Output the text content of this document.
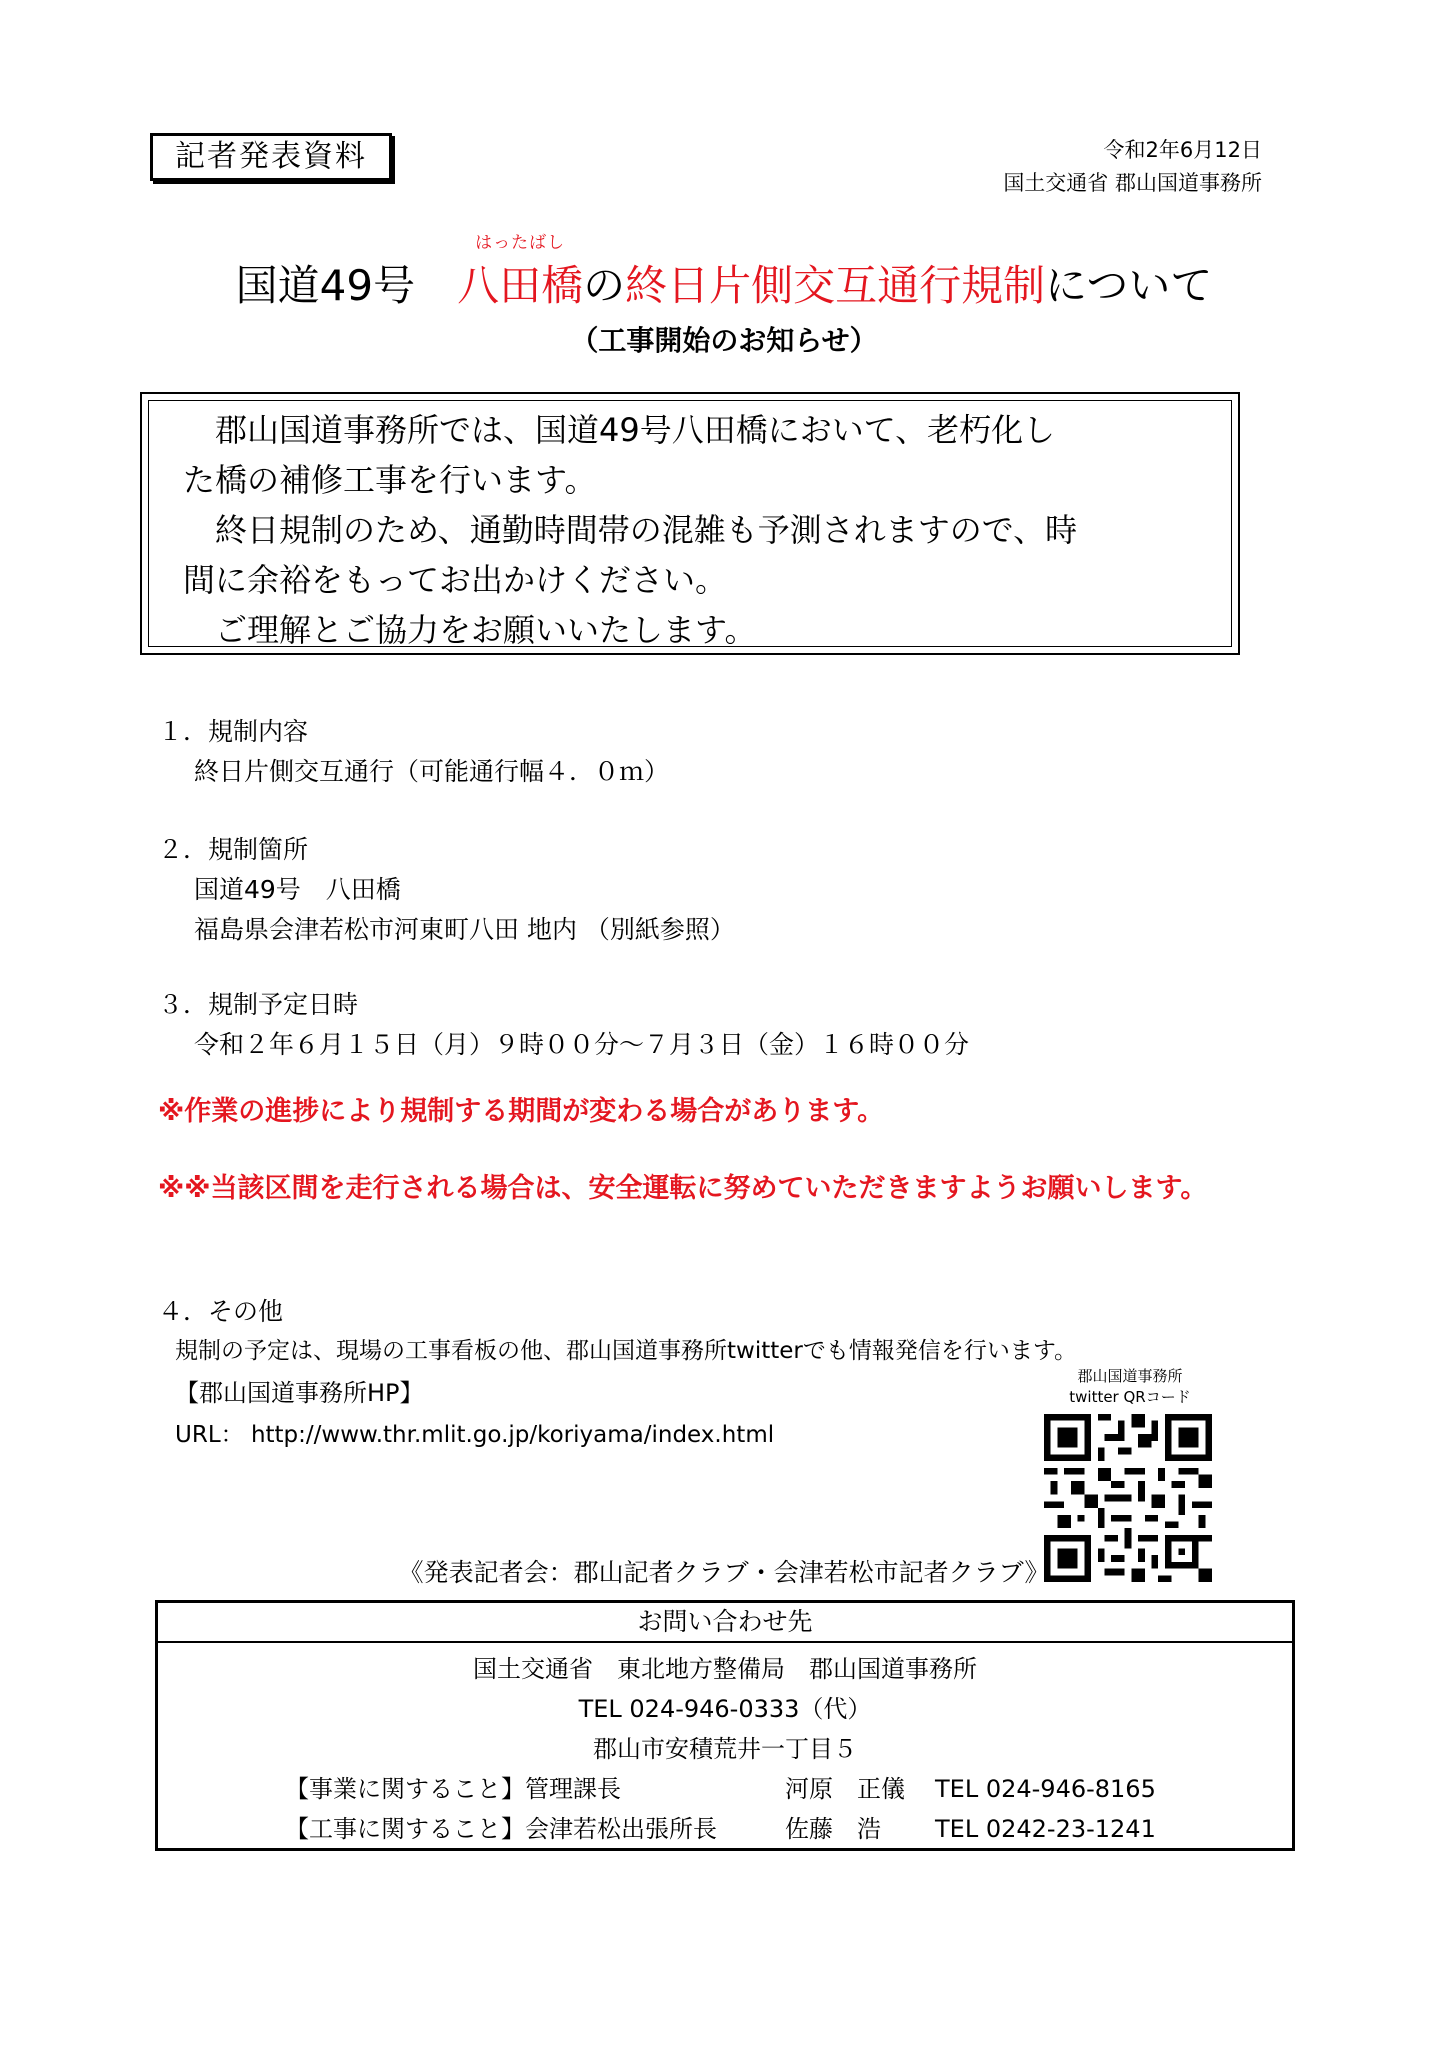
記者発表資料	令和2年6月12日
国土交通省 郡山国道事務所
国道49号　
はったばし
八田橋の終日片側交互通行規制について
（工事開始のお知らせ）

郡山国道事務所では、国道49号八田橋において、老朽化し

た橋の補修工事を行います。

終日規制のため、通勤時間帯の混雑も予測されますので、時

間に余裕をもってお出かけください。

ご理解とご協力をお願いいたします。

１．規制内容
終日片側交互通行（可能通行幅４．０ｍ）
２．規制箇所
国道49号　八田橋
福島県会津若松市河東町八田 地内 （別紙参照）
３．規制予定日時
令和２年６月１５日（月）９時００分～７月３日（金）１６時００分
※作業の進捗により規制する期間が変わる場合があります。
※※当該区間を走行される場合は、安全運転に努めていただきますようお願いします。
４．その他
規制の予定は、現場の工事看板の他、郡山国道事務所twitterでも情報発信を行います。
【郡山国道事務所HP】
URL： http://www.thr.mlit.go.jp/koriyama/index.html
郡山国道事務所
twitter QRコード
《発表記者会：郡山記者クラブ・会津若松市記者クラブ》
お問い合わせ先
国土交通省　東北地方整備局　郡山国道事務所
TEL 024-946-0333（代）
郡山市安積荒井一丁目５
【事業に関すること】管理課長	河原　正儀	TEL 024-946-8165
【工事に関すること】会津若松出張所長	佐藤　浩	TEL 0242-23-1241
